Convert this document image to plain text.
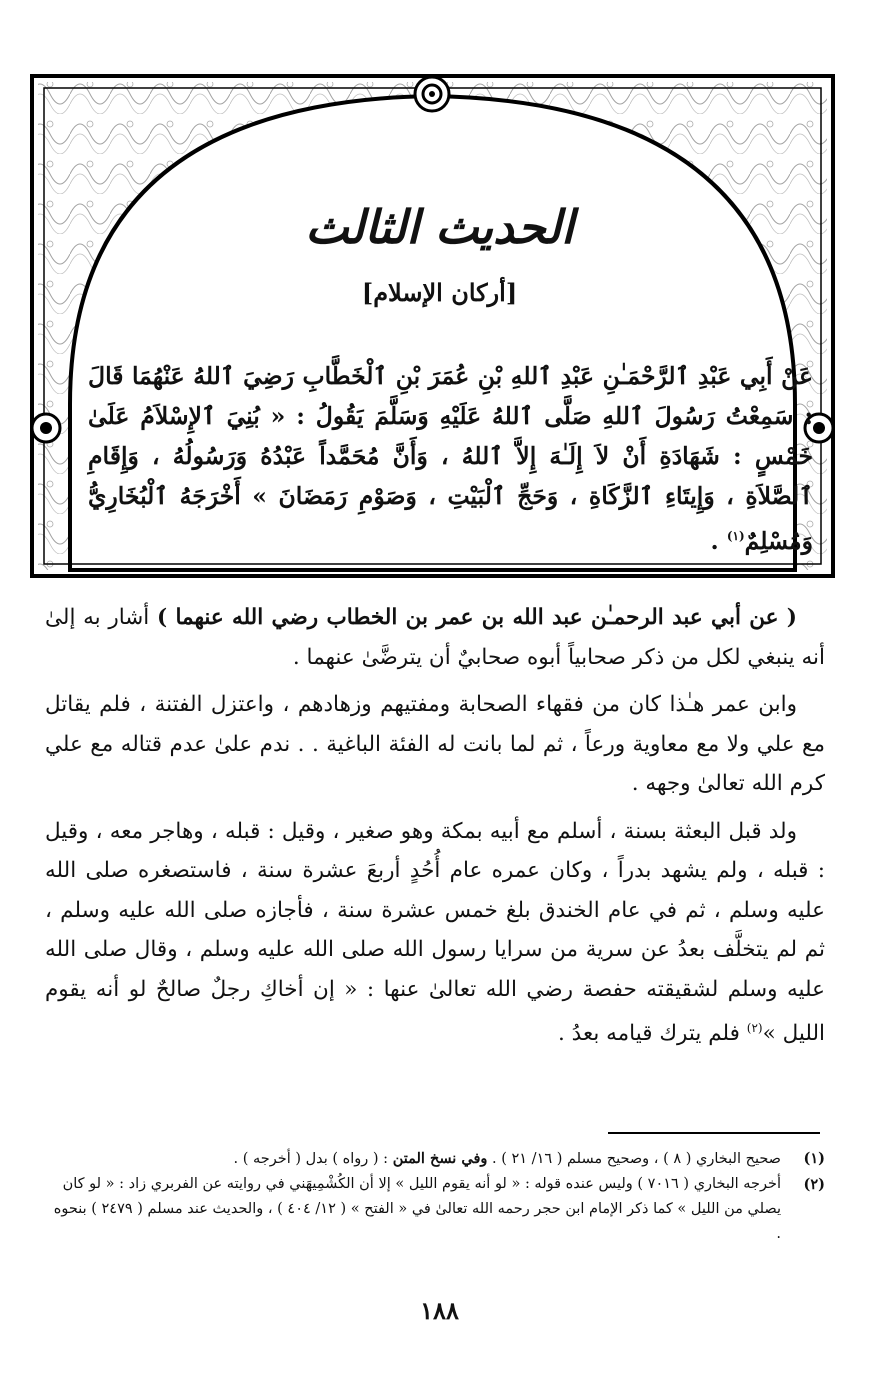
الحديث الثالث
[أركان الإسلام]
عَنْ أَبِي عَبْدِ ٱلرَّحْمَـٰنِ عَبْدِ ٱللهِ بْنِ عُمَرَ بْنِ ٱلْخَطَّابِ رَضِيَ ٱللهُ عَنْهُمَا قَالَ : سَمِعْتُ رَسُولَ ٱللهِ صَلَّى ٱللهُ عَلَيْهِ وَسَلَّمَ يَقُولُ : « بُنِيَ ٱلإِسْلاَمُ عَلَىٰ خَمْسٍ : شَهَادَةِ أَنْ لاَ إِلَـٰهَ إِلاَّ ٱللهُ ، وَأَنَّ مُحَمَّداً عَبْدُهُ وَرَسُولُهُ ، وَإِقَامِ ٱلصَّلاَةِ ، وَإِيتَاءِ ٱلزَّكَاةِ ، وَحَجِّ ٱلْبَيْتِ ، وَصَوْمِ رَمَضَانَ » أَخْرَجَهُ ٱلْبُخَارِيُّ وَمُسْلِمٌ$^{(١)}$ .

( عن أبي عبد الرحمـٰن عبد الله بن عمر بن الخطاب رضي الله عنهما ) أشار به إلىٰ أنه ينبغي لكل من ذكر صحابياً أبوه صحابيٌ أن يترضَّىٰ عنهما .

وابن عمر هـٰذا كان من فقهاء الصحابة ومفتيهم وزهادهم ، واعتزل الفتنة ، فلم يقاتل مع علي ولا مع معاوية ورعاً ، ثم لما بانت له الفئة الباغية . . ندم علىٰ عدم قتاله مع علي كرم الله تعالىٰ وجهه .

ولد قبل البعثة بسنة ، أسلم مع أبيه بمكة وهو صغير ، وقيل : قبله ، وهاجر معه ، وقيل : قبله ، ولم يشهد بدراً ، وكان عمره عام أُحُدٍ أربعَ عشرة سنة ، فاستصغره صلى الله عليه وسلم ، ثم في عام الخندق بلغ خمس عشرة سنة ، فأجازه صلى الله عليه وسلم ، ثم لم يتخلَّف بعدُ عن سرية من سرايا رسول الله صلى الله عليه وسلم ، وقال صلى الله عليه وسلم لشقيقته حفصة رضي الله تعالىٰ عنها : « إن أخاكِ رجلٌ صالحٌ لو أنه يقوم الليل »$^{(٢)}$ فلم يترك قيامه بعدُ .

(١)
صحيح البخاري ( ٨ ) ، وصحيح مسلم ( ١٦/ ٢١ ) . وفي نسخ المتن : ( رواه ) بدل ( أخرجه ) .
(٢)
أخرجه البخاري ( ٧٠١٦ ) وليس عنده قوله : « لو أنه يقوم الليل » إلا أن الكُشْمِيهَني في روايته عن الفربري زاد : « لو كان يصلي من الليل » كما ذكر الإمام ابن حجر رحمه الله تعالىٰ في « الفتح » ( ١٢/ ٤٠٤ ) ، والحديث عند مسلم ( ٢٤٧٩ ) بنحوه .
١٨٨
